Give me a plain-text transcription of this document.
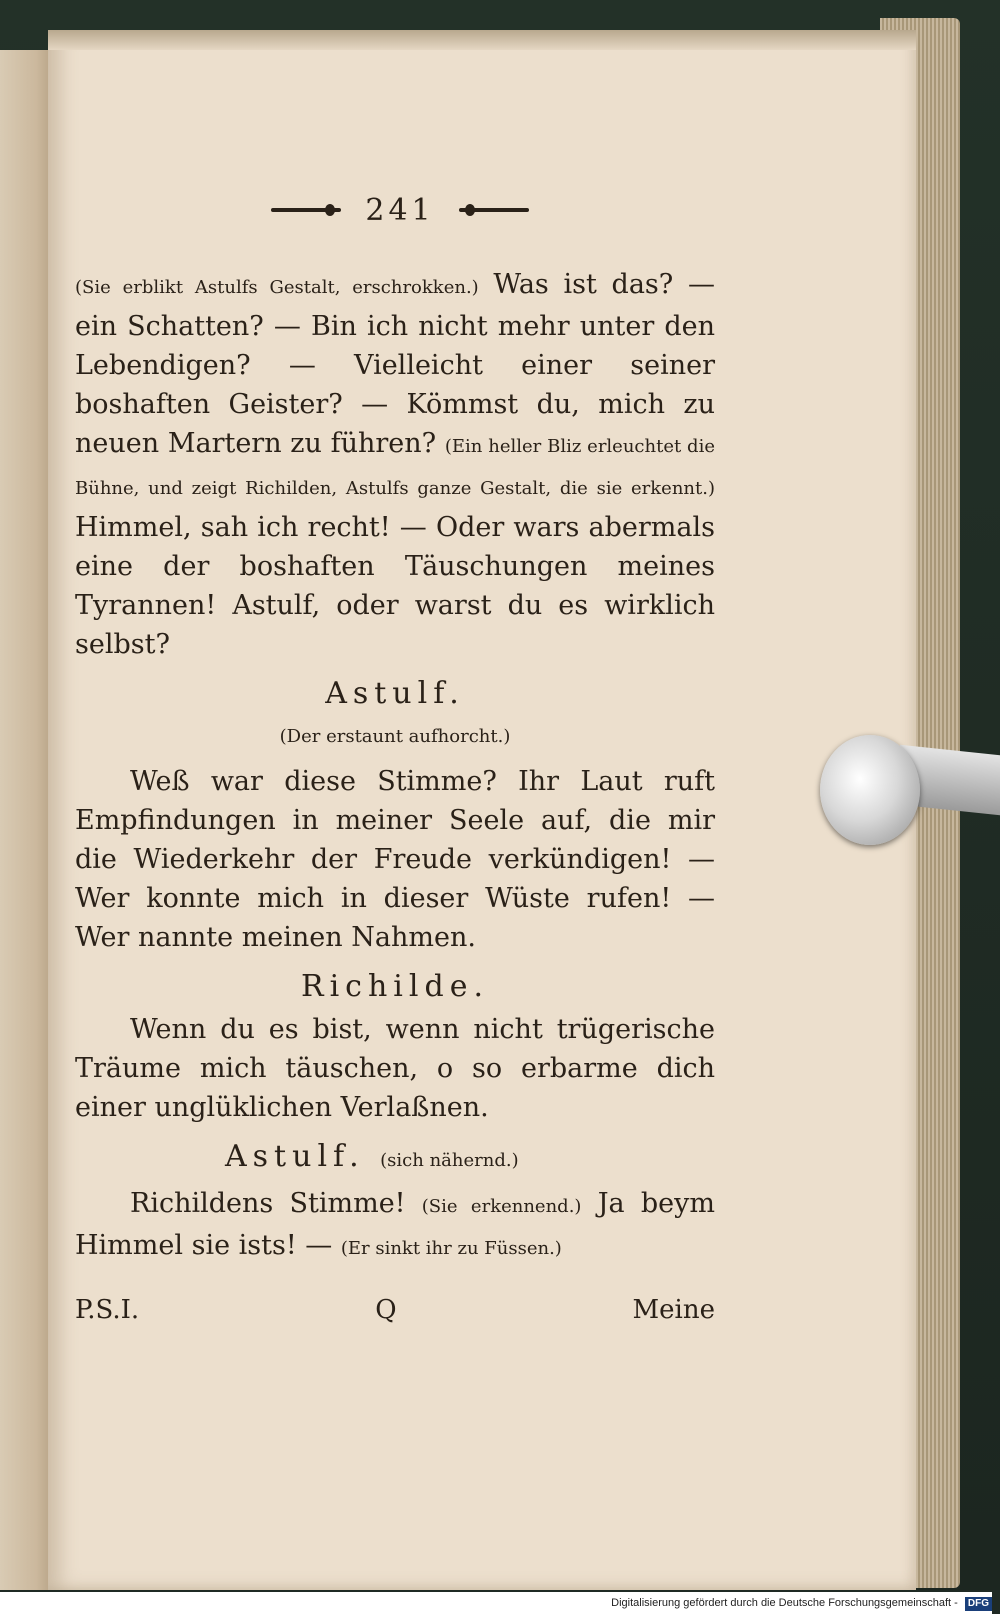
241

(Sie erblikt Astulfs Gestalt, erschrokken.) Was ist das? — ein Schatten? — Bin ich nicht mehr unter den Lebendigen? — Vielleicht einer seiner boshaften Geister? — Kömmst du, mich zu neuen Martern zu führen? (Ein heller Bliz erleuchtet die Bühne, und zeigt Richilden, Astulfs ganze Gestalt, die sie erkennt.) Himmel, sah ich recht! — Oder wars abermals eine der boshaften Täuschungen meines Tyrannen! Astulf, oder warst du es wirklich selbst?

Astulf.
(Der erstaunt aufhorcht.)

Weß war diese Stimme? Ihr Laut ruft Empfindungen in meiner Seele auf, die mir die Wiederkehr der Freude verkündigen! — Wer konnte mich in dieser Wüste rufen! — Wer nannte meinen Nahmen.

Richilde.

Wenn du es bist, wenn nicht trügerische Träume mich täuschen, o so erbarme dich einer unglüklichen Verlaßnen.

Astulf. (sich nähernd.)

Richildens Stimme! (Sie erkennend.) Ja beym Himmel sie ists! — (Er sinkt ihr zu Füssen.)

P.S.I.	Q	Meine
Digitalisierung gefördert durch die Deutsche Forschungsgemeinschaft - DFG
